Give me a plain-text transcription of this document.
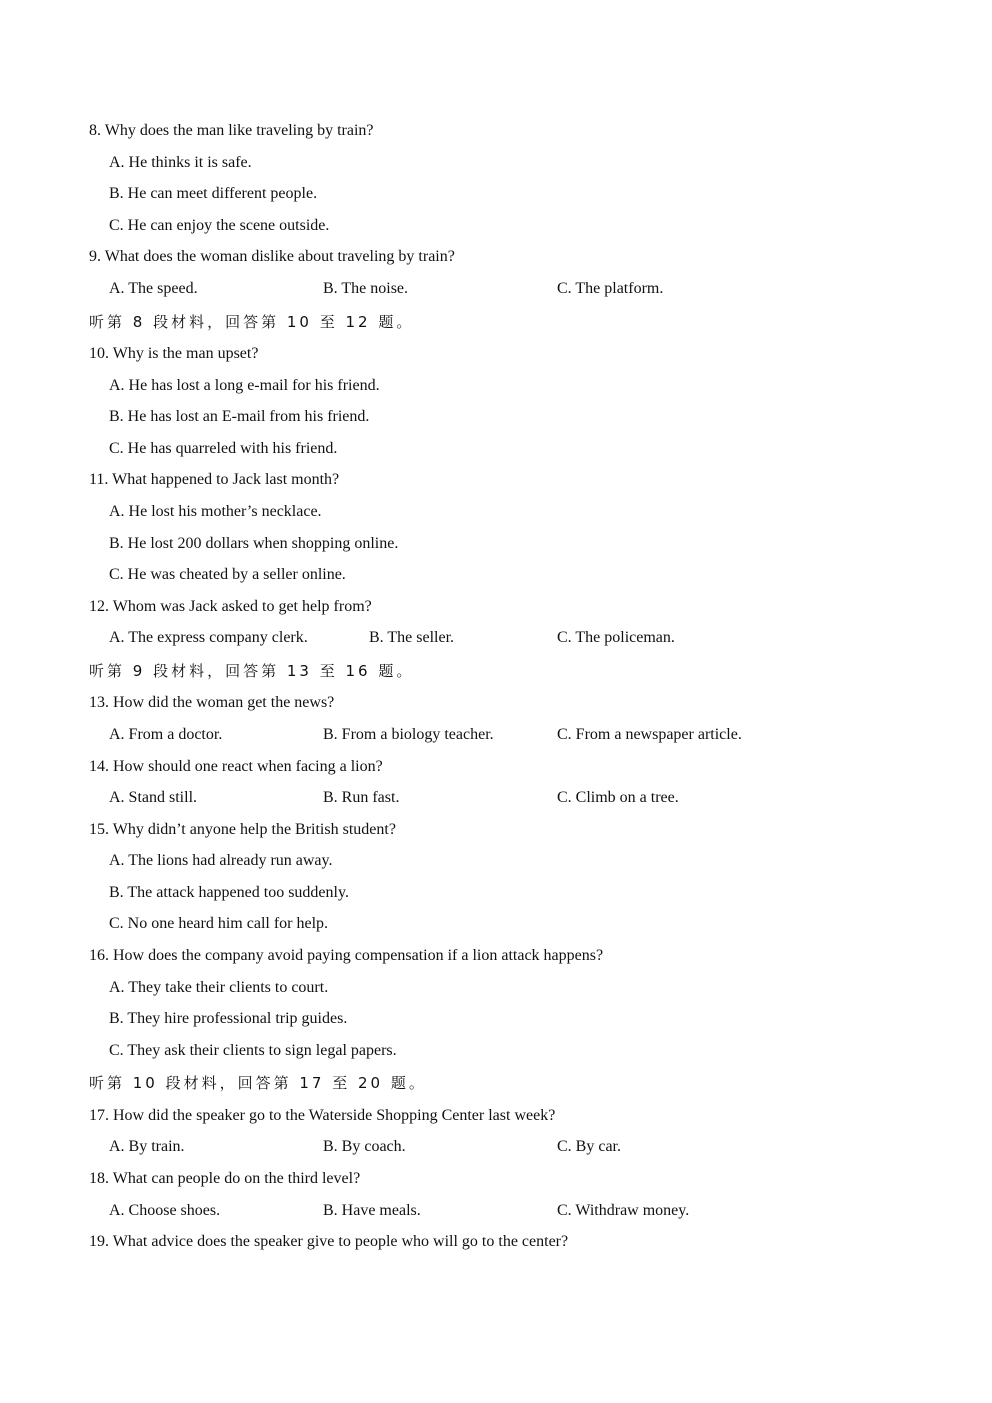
8. Why does the man like traveling by train?
A. He thinks it is safe.
B. He can meet different people.
C. He can enjoy the scene outside.
9. What does the woman dislike about traveling by train?
A. The speed.	B. The noise.	C. The platform.
听第 8 段材料，回答第 10 至 12 题。
10. Why is the man upset?
A. He has lost a long e-mail for his friend.
B. He has lost an E-mail from his friend.
C. He has quarreled with his friend.
11. What happened to Jack last month?
A. He lost his mother’s necklace.
B. He lost 200 dollars when shopping online.
C. He was cheated by a seller online.
12. Whom was Jack asked to get help from?
A. The express company clerk.	B. The seller.	C. The policeman.
听第 9 段材料，回答第 13 至 16 题。
13. How did the woman get the news?
A. From a doctor.	B. From a biology teacher.	C. From a newspaper article.
14. How should one react when facing a lion?
A. Stand still.	B. Run fast.	C. Climb on a tree.
15. Why didn’t anyone help the British student?
A. The lions had already run away.
B. The attack happened too suddenly.
C. No one heard him call for help.
16. How does the company avoid paying compensation if a lion attack happens?
A. They take their clients to court.
B. They hire professional trip guides.
C. They ask their clients to sign legal papers.
听第 10 段材料，回答第 17 至 20 题。
17. How did the speaker go to the Waterside Shopping Center last week?
A. By train.	B. By coach.	C. By car.
18. What can people do on the third level?
A. Choose shoes.	B. Have meals.	C. Withdraw money.
19. What advice does the speaker give to people who will go to the center?
